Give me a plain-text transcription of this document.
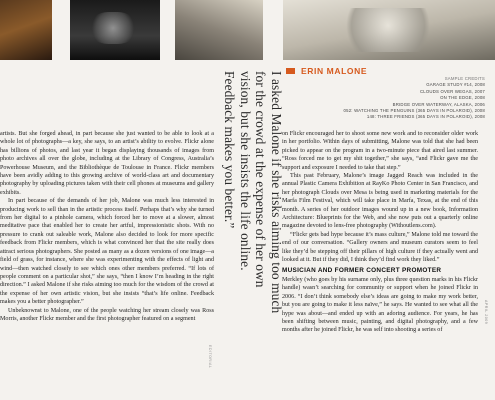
ERIN MALONE
SAMPLE CREDITS
GARAGE STUDY #14, 2008
CLOUDS OVER WEGAS, 2007
ON THE EDGE, 2008
BRIDGE OVER WATERWAY, ALASKA, 2006
052: WATCHING THE PENGUINS (365 DAYS IN POLAROID), 2008
148: THREE FRIENDS (365 DAYS IN POLAROID), 2008
I asked Malone if she risks aiming too much for the crowd at the expense of her own vision, but she insists the life online. Feedback makes you better.”

artists. But she forged ahead, in part because she just wanted to be able to look at a whole lot of photographs—a key, she says, to an artist’s ability to evolve. Flickr alone has billions of photos, and last year it began displaying thousands of images from photo archives all over the globe, including at the Library of Congress, Australia’s Powerhouse Museum, and the Bibliothèque de Toulouse in France. Flickr members have been avidly adding to this growing archive of world-class art and documentary photography by uploading pictures taken with their cell phones at museums and gallery exhibits.

In part because of the demands of her job, Malone was much less interested in producing work to sell than in the artistic process itself. Perhaps that’s why she turned from her digital to a pinhole camera, which forced her to move at a slower, almost meditative pace that enabled her to create her artful, impressionistic shots. With no pressure to crank out saleable work, Malone also decided to look for more specific feedback from Flickr members, which is what convinced her that the site really does attract serious photographers. She posted as many as a dozen versions of one image—a field of grass, for instance, where she was experimenting with the effects of light and wind—then watched closely to see which ones other members preferred. “If lots of people comment on a particular shot,” she says, “then I know I’m heading in the right direction.” I asked Malone if she risks aiming too much for the wisdom of the crowd at the expense of her own artistic vision, but she insists “that’s life online. Feedback makes you a better photographer.”

Unbeknownst to Malone, one of the people watching her stream closely was Ross Morris, another Flickr member and the first photographer featured on a segment

on Flickr encouraged her to shoot some new work and to reconsider older work in her portfolio. Within days of submitting, Malone was told that she had been picked to appear on the program in a two-minute piece that aired last summer. “Ross forced me to get my shit together,” she says, “and Flickr gave me the support and exposure I needed to take that step.”

This past February, Malone’s image Jagged Reach was included in the annual Plastic Camera Exhibition at RayKo Photo Center in San Francisco, and her photograph Clouds over Mesa is being used in marketing materials for the Marfa Film Festival, which will take place in Marfa, Texas, at the end of this month. A series of her outdoor images wound up in a new book, Information Architecture: Blueprints for the Web, and she now puts out a quarterly online magazine devoted to lens-free photography (Withoutlens.com).

“Flickr gets bad hype because it’s mass culture,” Malone told me toward the end of our conversation. “Gallery owners and museum curators seem to feel like they’d be stepping off their pillars of high culture if they actually went and looked at it. But if they did, I think they’d find work they liked.”

MUSICIAN AND FORMER CONCERT PROMOTER

Merkley (who goes by his surname only, plus three question marks in his Flickr handle) wasn’t searching for community or support when he joined Flickr in 2006. “I don’t think somebody else’s ideas are going to make my work better, but you are going to make it less naïve,” he says. He wanted to see what all the hype was about—and ended up with an adoring audience. For years, he has been shifting between music, painting, and digital photography, and a few months after he joined Flickr, he was self into shooting a series of

APRIL 2009
EDITORIAL
